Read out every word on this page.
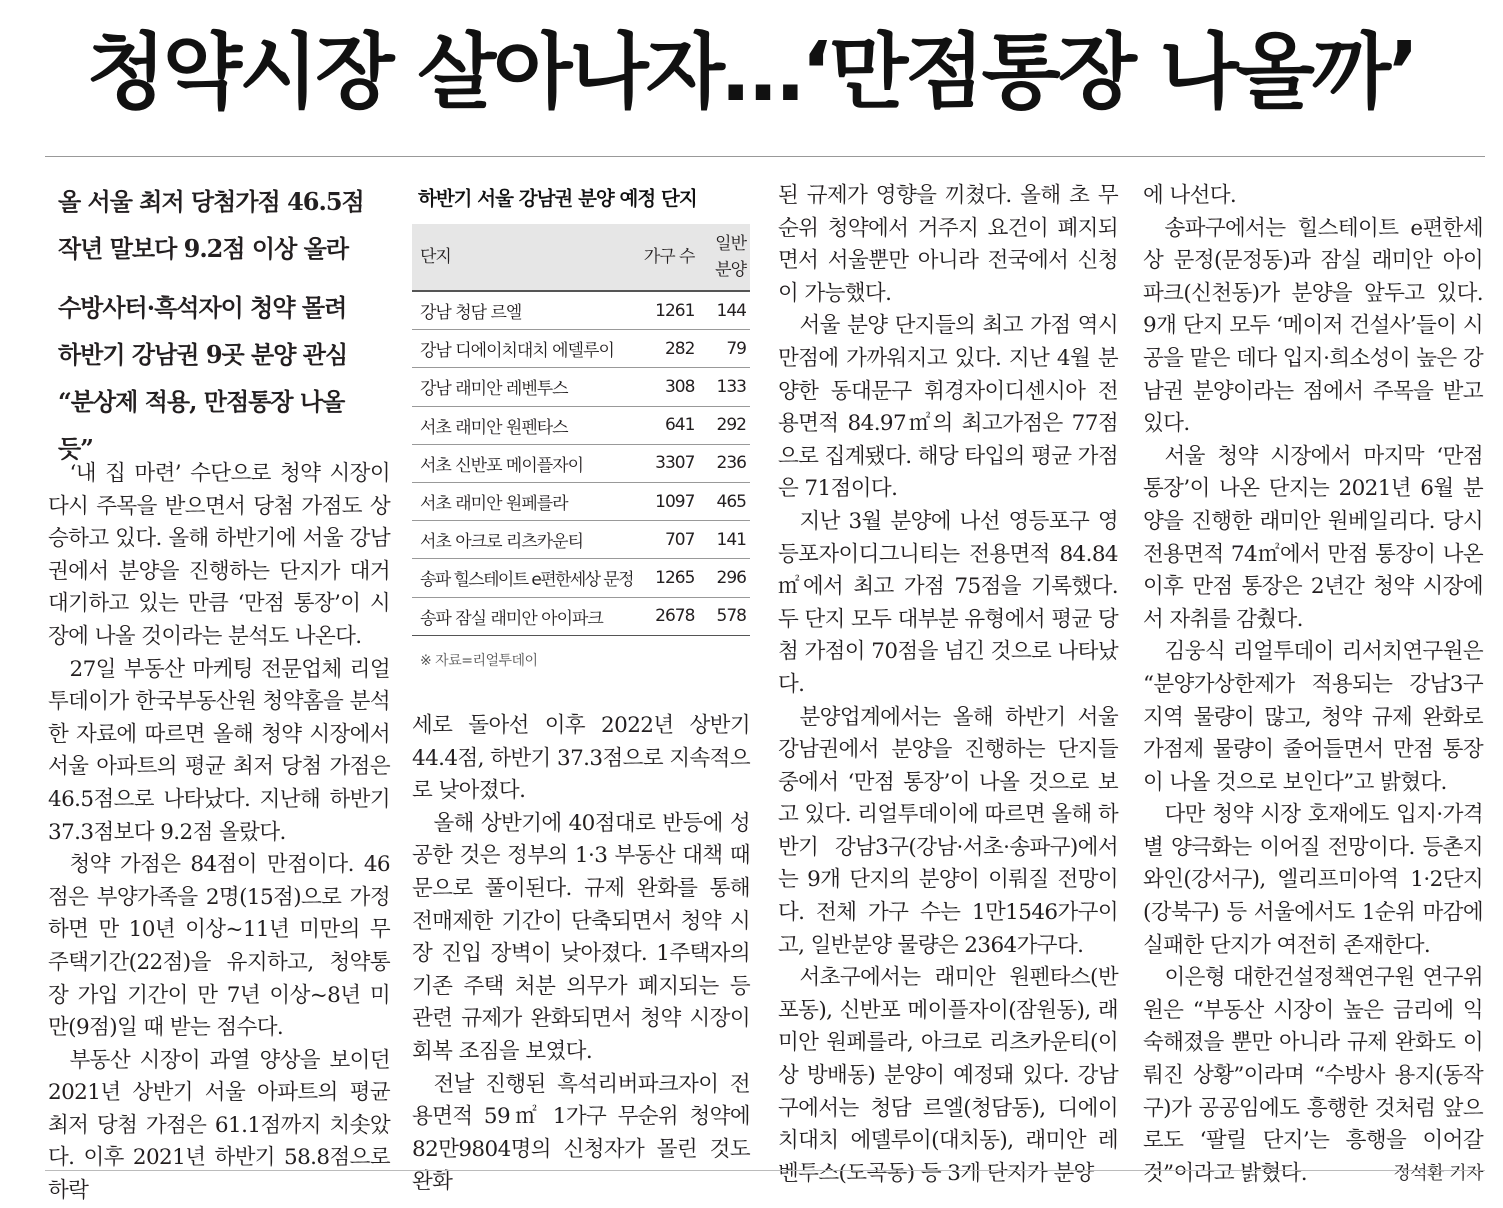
청약시장 살아나자…‘만점통장 나올까’
올 서울 최저 당첨가점 46.5점
작년 말보다 9.2점 이상 올라
수방사터·흑석자이 청약 몰려
하반기 강남권 9곳 분양 관심
“분상제 적용, 만점통장 나올듯”
하반기 서울 강남권 분양 예정 단지
단지	가구 수	일반 분양
강남 청담 르엘	1261	144
강남 디에이치대치 에델루이	282	79
강남 래미안 레벤투스	308	133
서초 래미안 원펜타스	641	292
서초 신반포 메이플자이	3307	236
서초 래미안 원페를라	1097	465
서초 아크로 리츠카운티	707	141
송파 힐스테이트 e편한세상 문정	1265	296
송파 잠실 래미안 아이파크	2678	578
※ 자료=리얼투데이

‘내 집 마련’ 수단으로 청약 시장이 다시 주목을 받으면서 당첨 가점도 상승하고 있다. 올해 하반기에 서울 강남권에서 분양을 진행하는 단지가 대거 대기하고 있는 만큼 ‘만점 통장’이 시장에 나올 것이라는 분석도 나온다.

27일 부동산 마케팅 전문업체 리얼투데이가 한국부동산원 청약홈을 분석한 자료에 따르면 올해 청약 시장에서 서울 아파트의 평균 최저 당첨 가점은 46.5점으로 나타났다. 지난해 하반기 37.3점보다 9.2점 올랐다.

청약 가점은 84점이 만점이다. 46점은 부양가족을 2명(15점)으로 가정하면 만 10년 이상~11년 미만의 무주택기간(22점)을 유지하고, 청약통장 가입 기간이 만 7년 이상~8년 미만(9점)일 때 받는 점수다.

부동산 시장이 과열 양상을 보이던 2021년 상반기 서울 아파트의 평균 최저 당첨 가점은 61.1점까지 치솟았다. 이후 2021년 하반기 58.8점으로 하락

세로 돌아선 이후 2022년 상반기 44.4점, 하반기 37.3점으로 지속적으로 낮아졌다.

올해 상반기에 40점대로 반등에 성공한 것은 정부의 1·3 부동산 대책 때문으로 풀이된다. 규제 완화를 통해 전매제한 기간이 단축되면서 청약 시장 진입 장벽이 낮아졌다. 1주택자의 기존 주택 처분 의무가 폐지되는 등 관련 규제가 완화되면서 청약 시장이 회복 조짐을 보였다.

전날 진행된 흑석리버파크자이 전용면적 59㎡ 1가구 무순위 청약에 82만9804명의 신청자가 몰린 것도 완화

된 규제가 영향을 끼쳤다. 올해 초 무순위 청약에서 거주지 요건이 폐지되면서 서울뿐만 아니라 전국에서 신청이 가능했다.

서울 분양 단지들의 최고 가점 역시 만점에 가까워지고 있다. 지난 4월 분양한 동대문구 휘경자이디센시아 전용면적 84.97㎡의 최고가점은 77점으로 집계됐다. 해당 타입의 평균 가점은 71점이다.

지난 3월 분양에 나선 영등포구 영등포자이디그니티는 전용면적 84.84㎡에서 최고 가점 75점을 기록했다. 두 단지 모두 대부분 유형에서 평균 당첨 가점이 70점을 넘긴 것으로 나타났다.

분양업계에서는 올해 하반기 서울 강남권에서 분양을 진행하는 단지들 중에서 ‘만점 통장’이 나올 것으로 보고 있다. 리얼투데이에 따르면 올해 하반기 강남3구(강남·서초·송파구)에서는 9개 단지의 분양이 이뤄질 전망이다. 전체 가구 수는 1만1546가구이고, 일반분양 물량은 2364가구다.

서초구에서는 래미안 원펜타스(반포동), 신반포 메이플자이(잠원동), 래미안 원페를라, 아크로 리츠카운티(이상 방배동) 분양이 예정돼 있다. 강남구에서는 청담 르엘(청담동), 디에이치대치 에델루이(대치동), 래미안 레벤투스(도곡동) 등 3개 단지가 분양

에 나선다.

송파구에서는 힐스테이트 e편한세상 문정(문정동)과 잠실 래미안 아이파크(신천동)가 분양을 앞두고 있다. 9개 단지 모두 ‘메이저 건설사’들이 시공을 맡은 데다 입지·희소성이 높은 강남권 분양이라는 점에서 주목을 받고 있다.

서울 청약 시장에서 마지막 ‘만점 통장’이 나온 단지는 2021년 6월 분양을 진행한 래미안 원베일리다. 당시 전용면적 74㎡에서 만점 통장이 나온 이후 만점 통장은 2년간 청약 시장에서 자취를 감췄다.

김웅식 리얼투데이 리서치연구원은 “분양가상한제가 적용되는 강남3구 지역 물량이 많고, 청약 규제 완화로 가점제 물량이 줄어들면서 만점 통장이 나올 것으로 보인다”고 밝혔다.

다만 청약 시장 호재에도 입지·가격별 양극화는 이어질 전망이다. 등촌지와인(강서구), 엘리프미아역 1·2단지(강북구) 등 서울에서도 1순위 마감에 실패한 단지가 여전히 존재한다.

이은형 대한건설정책연구원 연구위원은 “부동산 시장이 높은 금리에 익숙해졌을 뿐만 아니라 규제 완화도 이뤄진 상황”이라며 “수방사 용지(동작구)가 공공임에도 흥행한 것처럼 앞으로도 ‘팔릴 단지’는 흥행을 이어갈 것”이라고 밝혔다.	정석환 기자
